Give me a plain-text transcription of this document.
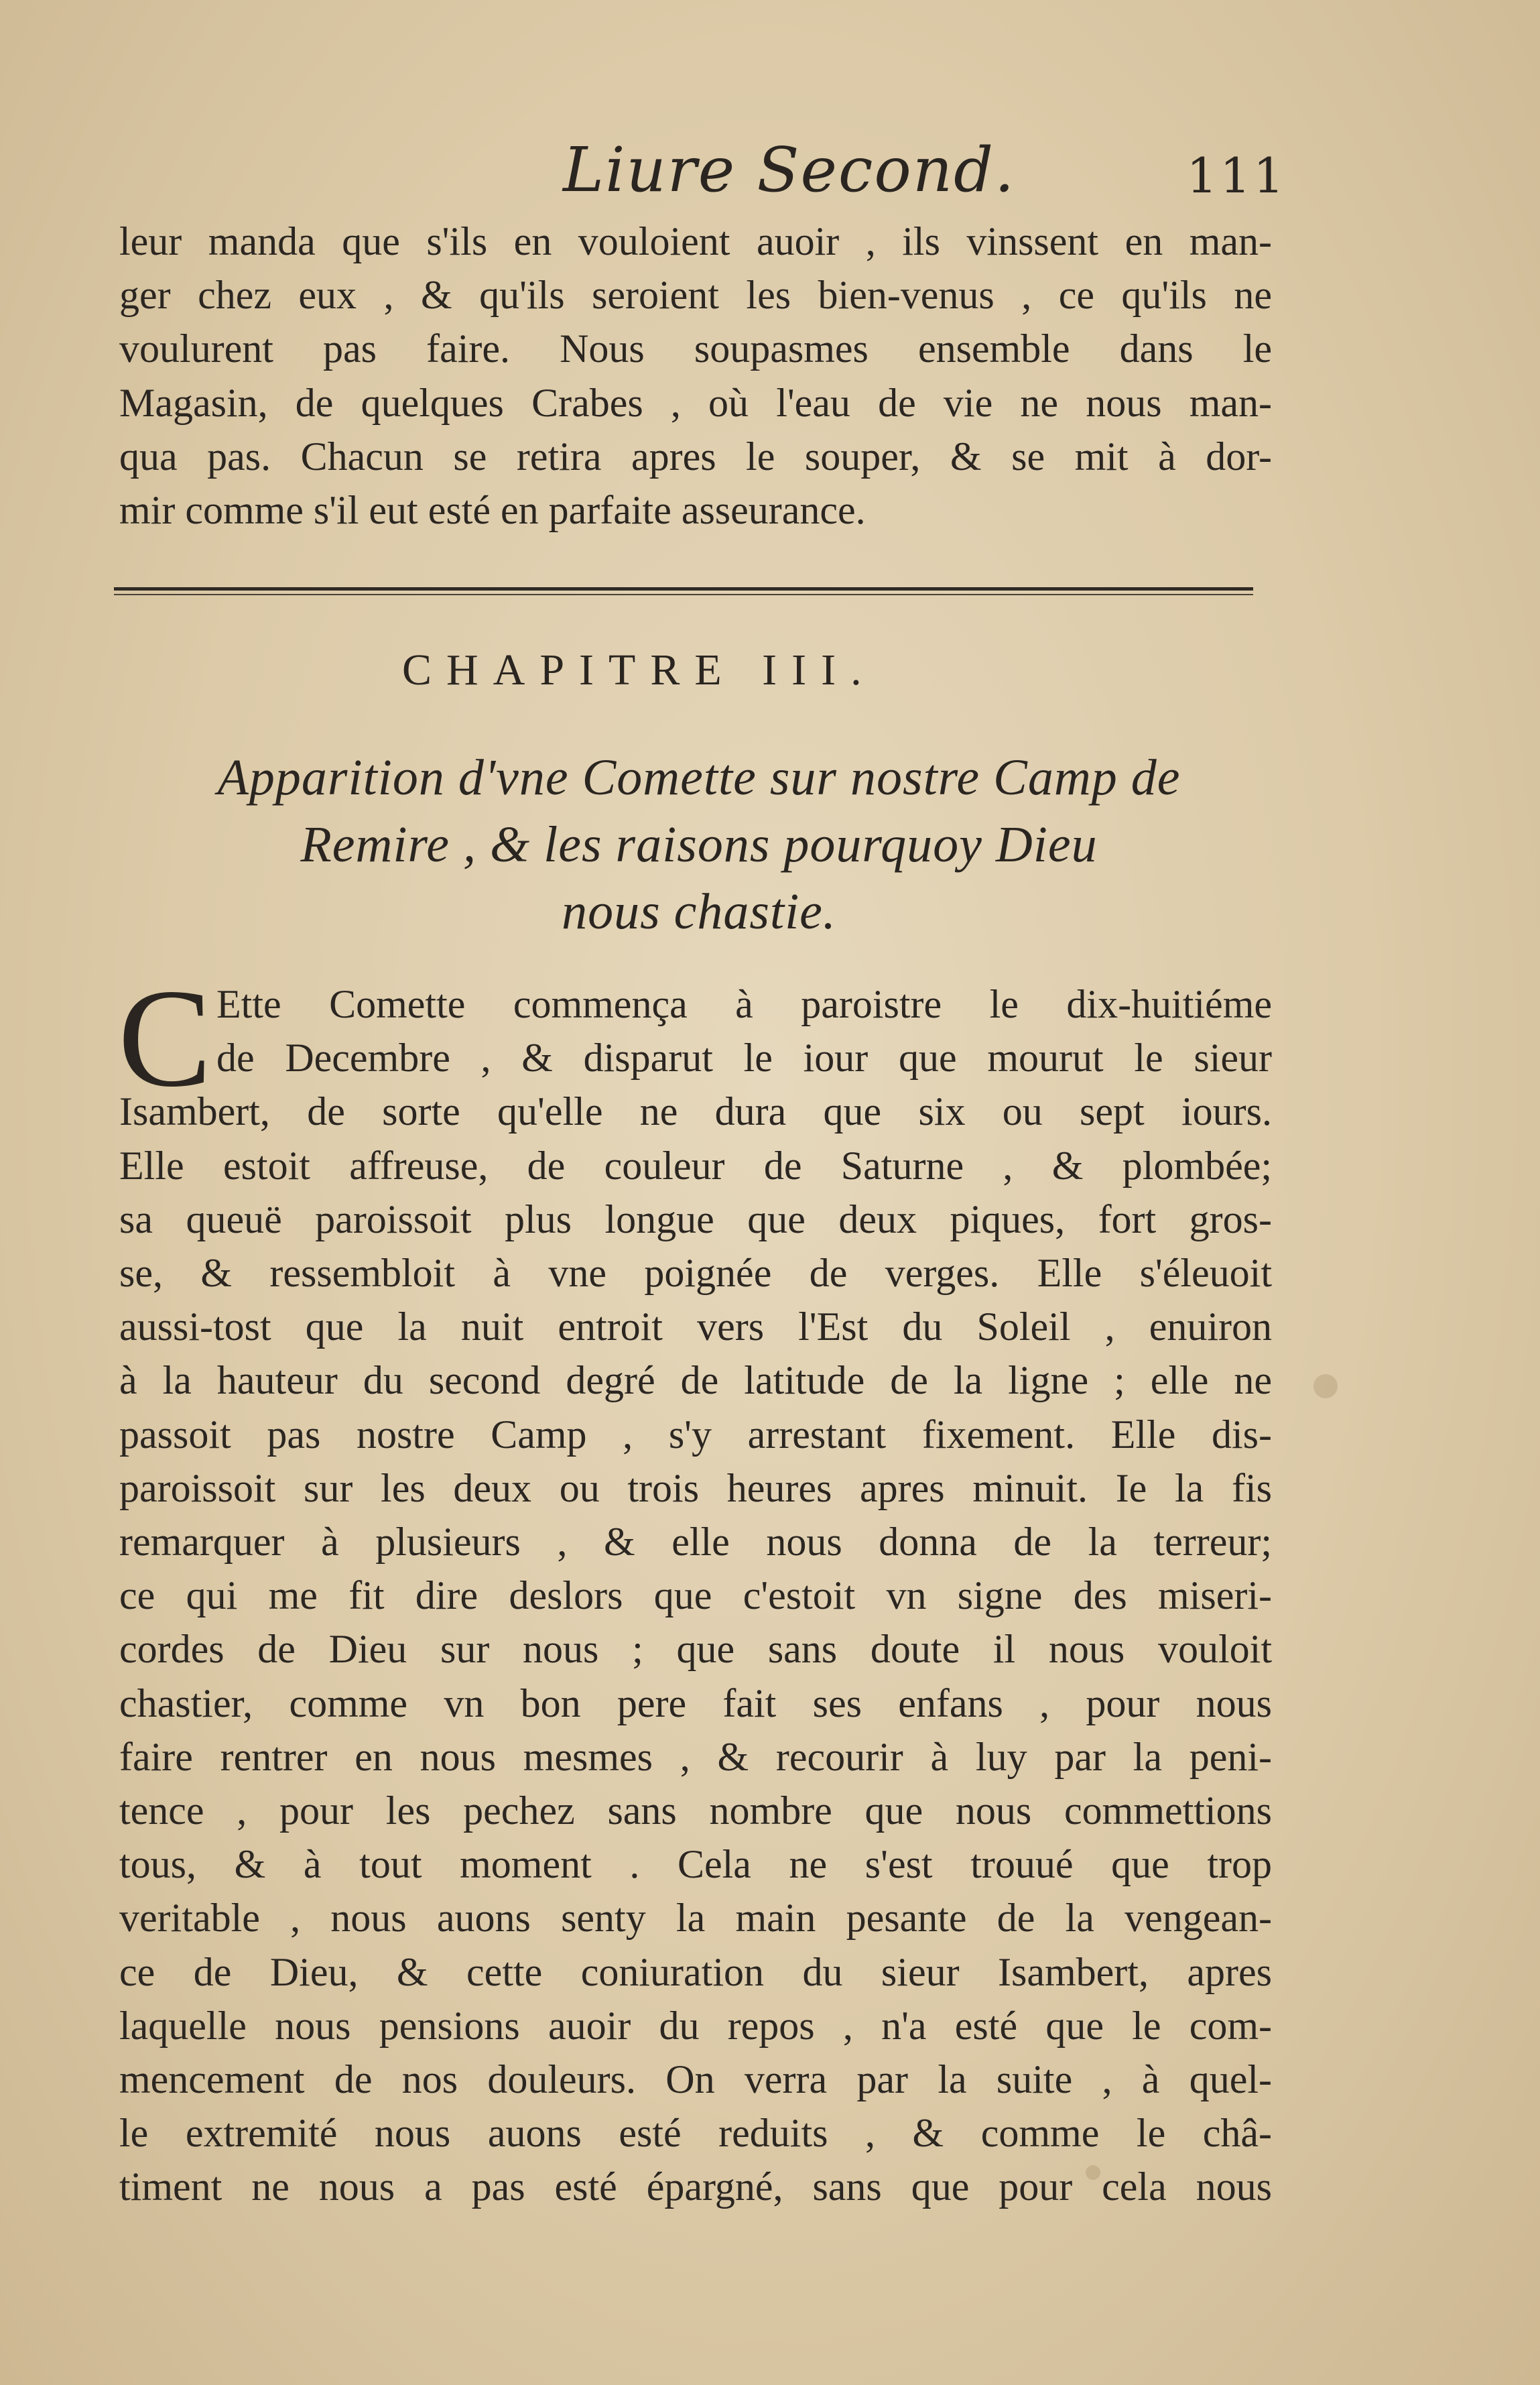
Liure Second.	111
leur manda que s'ils en vouloient auoir , ils vinssent en man-
ger chez eux , & qu'ils seroient les bien-venus , ce qu'ils ne
voulurent pas faire. Nous soupasmes ensemble dans le
Magasin, de quelques Crabes , où l'eau de vie ne nous man-
qua pas. Chacun se retira apres le souper, & se mit à dor-
mir comme s'il eut esté en parfaite asseurance.
CHAPITRE III.
Apparition d'vne Comette sur nostre Camp de
Remire , & les raisons pourquoy Dieu
nous chastie.
C Ette Comette commença à paroistre le dix-huitiéme
de Decembre , & disparut le iour que mourut le sieur
Isambert, de sorte qu'elle ne dura que six ou sept iours.
Elle estoit affreuse, de couleur de Saturne , & plombée;
sa queuë paroissoit plus longue que deux piques, fort gros-
se, & ressembloit à vne poignée de verges. Elle s'éleuoit
aussi-tost que la nuit entroit vers l'Est du Soleil , enuiron
à la hauteur du second degré de latitude de la ligne ; elle ne
passoit pas nostre Camp , s'y arrestant fixement. Elle dis-
paroissoit sur les deux ou trois heures apres minuit. Ie la fis
remarquer à plusieurs , & elle nous donna de la terreur;
ce qui me fit dire deslors que c'estoit vn signe des miseri-
cordes de Dieu sur nous ; que sans doute il nous vouloit
chastier, comme vn bon pere fait ses enfans , pour nous
faire rentrer en nous mesmes , & recourir à luy par la peni-
tence , pour les pechez sans nombre que nous commettions
tous, & à tout moment . Cela ne s'est trouué que trop
veritable , nous auons senty la main pesante de la vengean-
ce de Dieu, & cette coniuration du sieur Isambert, apres
laquelle nous pensions auoir du repos , n'a esté que le com-
mencement de nos douleurs. On verra par la suite , à quel-
le extremité nous auons esté reduits , & comme le châ-
timent ne nous a pas esté épargné, sans que pour cela nous
